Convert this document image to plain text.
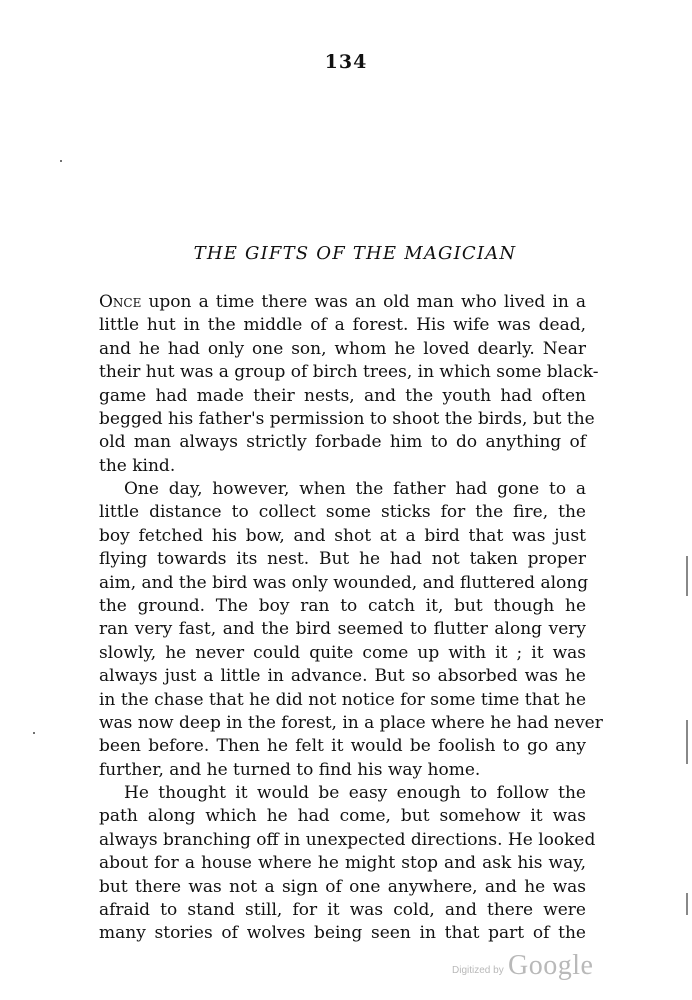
134
THE GIFTS OF THE MAGICIAN
Once upon a time there was an old man who lived in a
little hut in the middle of a forest. His wife was dead,
and he had only one son, whom he loved dearly. Near
their hut was a group of birch trees, in which some black-
game had made their nests, and the youth had often
begged his father's permission to shoot the birds, but the
old man always strictly forbade him to do anything of
the kind.
One day, however, when the father had gone to a
little distance to collect some sticks for the fire, the
boy fetched his bow, and shot at a bird that was just
flying towards its nest. But he had not taken proper
aim, and the bird was only wounded, and fluttered along
the ground. The boy ran to catch it, but though he
ran very fast, and the bird seemed to flutter along very
slowly, he never could quite come up with it ; it was
always just a little in advance. But so absorbed was he
in the chase that he did not notice for some time that he
was now deep in the forest, in a place where he had never
been before. Then he felt it would be foolish to go any
further, and he turned to find his way home.
He thought it would be easy enough to follow the
path along which he had come, but somehow it was
always branching off in unexpected directions. He looked
about for a house where he might stop and ask his way,
but there was not a sign of one anywhere, and he was
afraid to stand still, for it was cold, and there were
many stories of wolves being seen in that part of the
Digitized by Google
